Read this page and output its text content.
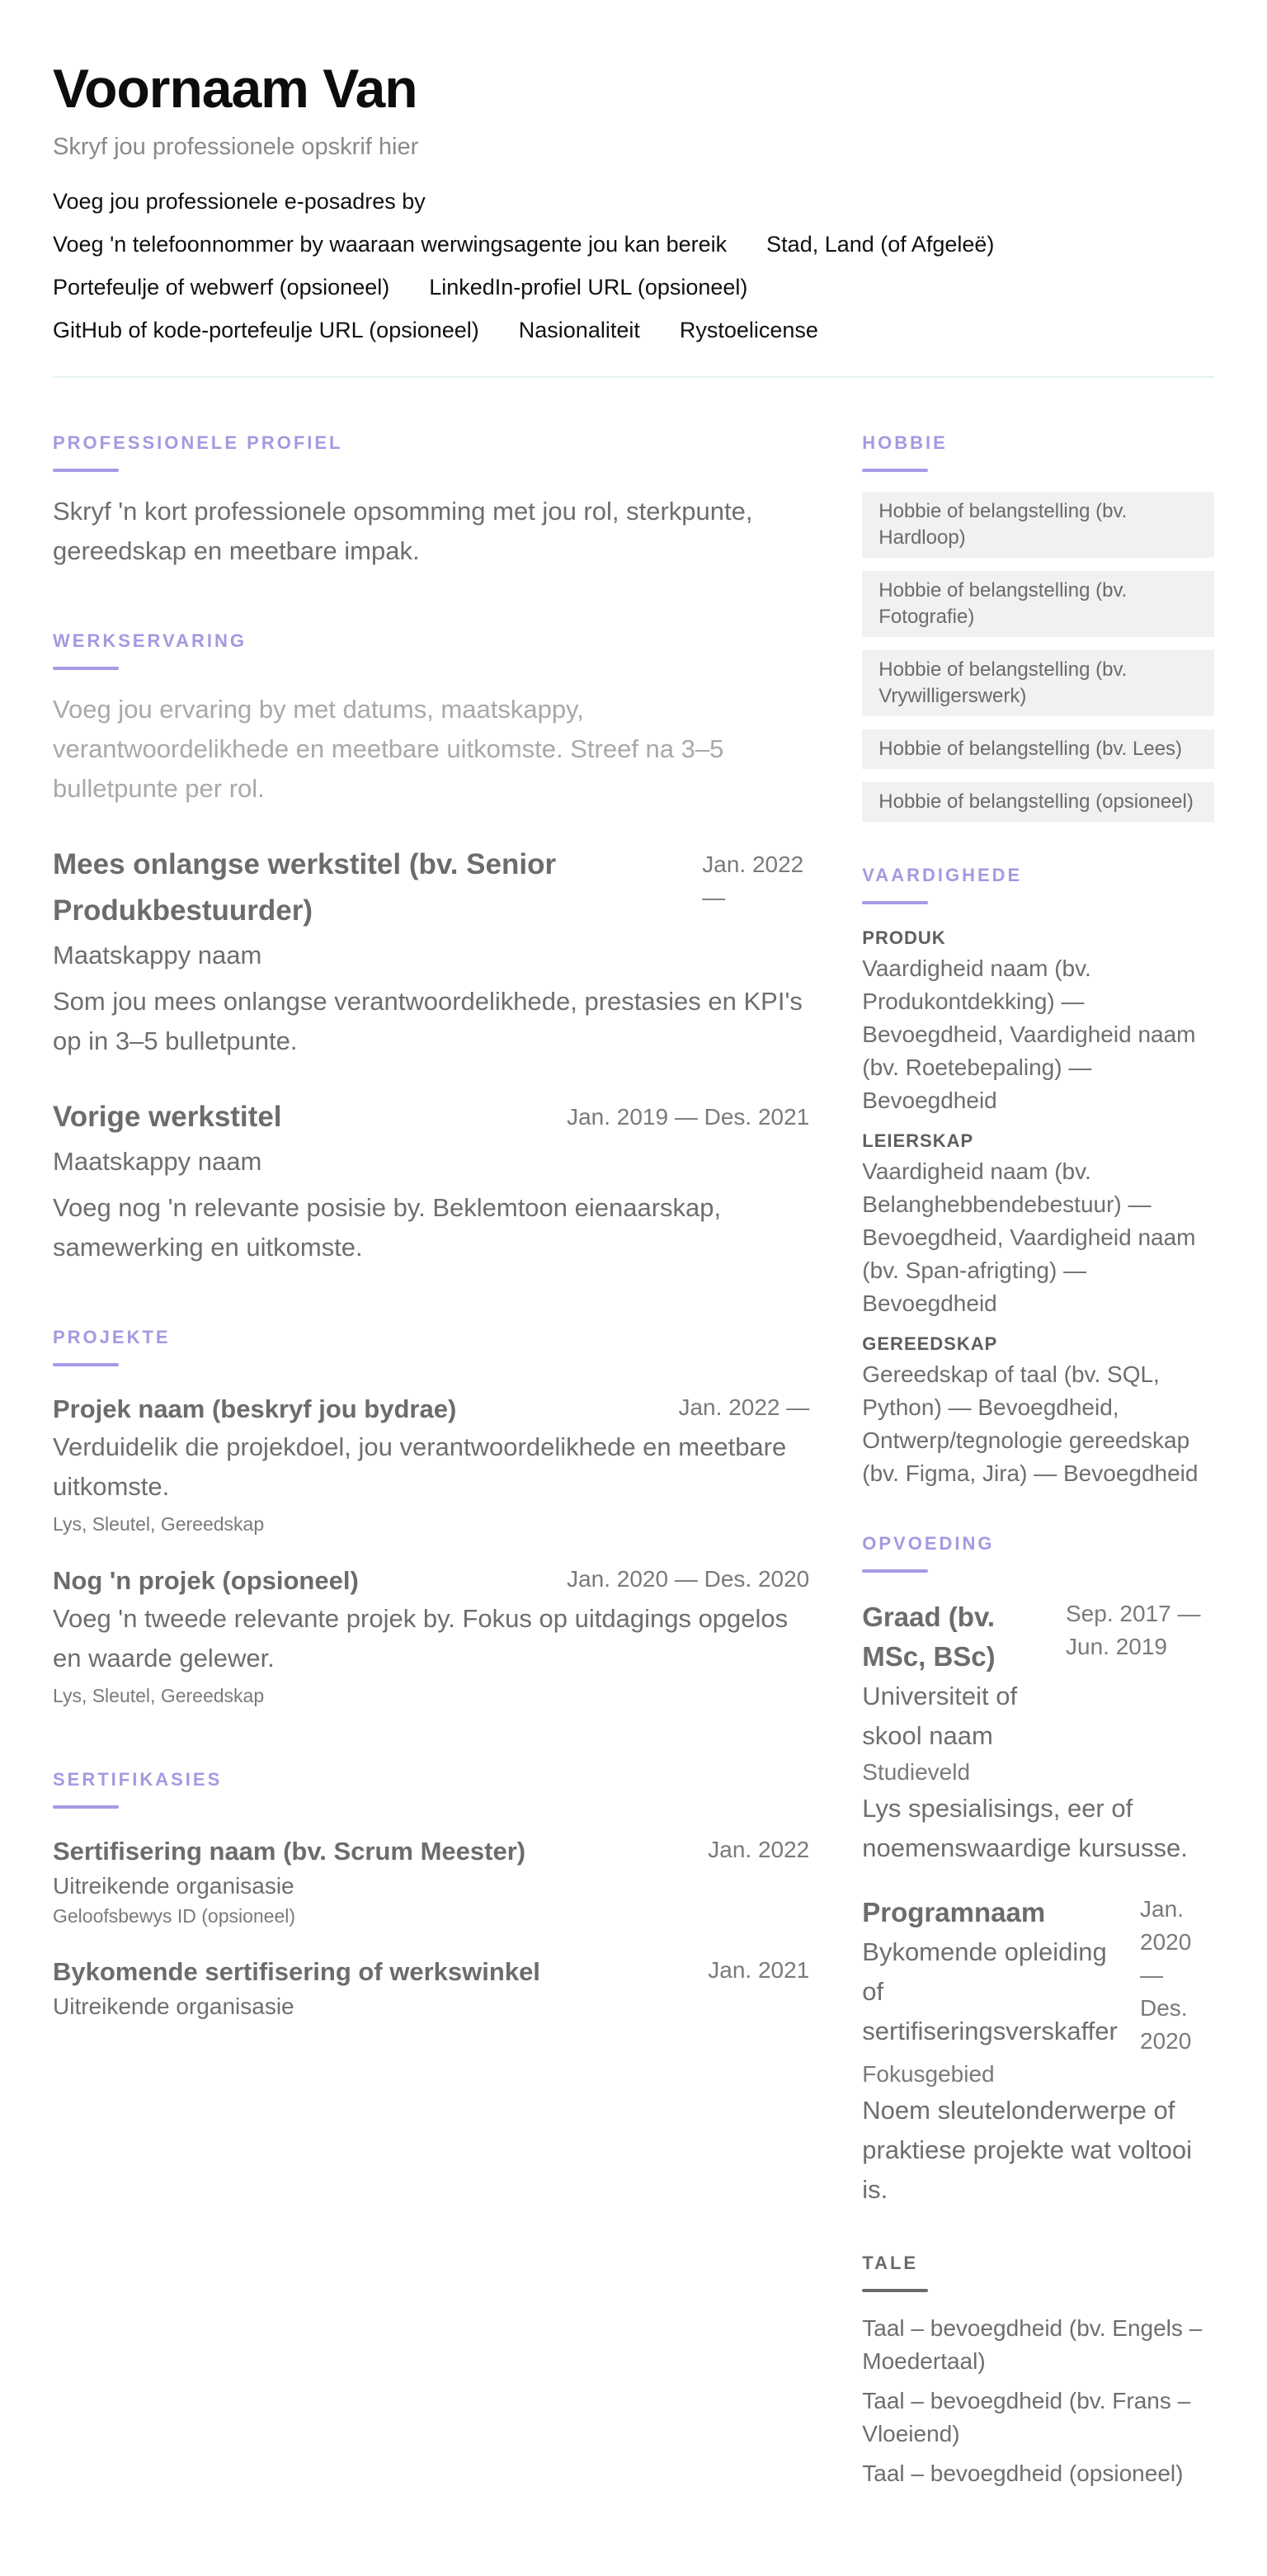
Voornaam Van
Skryf jou professionele opskrif hier
Voeg jou professionele e-posadres by
Voeg 'n telefoonnommer by waaraan werwingsagente jou kan bereik Stad, Land (of Afgeleë)
Portefeulje of webwerf (opsioneel) LinkedIn-profiel URL (opsioneel)
GitHub of kode-portefeulje URL (opsioneel) Nasionaliteit Rystoelicense
PROFESSIONELE PROFIEL
Skryf 'n kort professionele opsomming met jou rol, sterkpunte, gereedskap en meetbare impak.
WERKSERVARING
Voeg jou ervaring by met datums, maatskappy, verantwoordelikhede en meetbare uitkomste. Streef na 3–5 bulletpunte per rol.
Mees onlangse werkstitel (bv. Senior Produkbestuurder)
Jan. 2022 —
Maatskappy naam
Som jou mees onlangse verantwoordelikhede, prestasies en KPI's op in 3–5 bulletpunte.
Vorige werkstitel	Jan. 2019 — Des. 2021
Maatskappy naam
Voeg nog 'n relevante posisie by. Beklemtoon eienaarskap, samewerking en uitkomste.
PROJEKTE
Projek naam (beskryf jou bydrae)	Jan. 2022 —
Verduidelik die projekdoel, jou verantwoordelikhede en meetbare uitkomste.
Lys, Sleutel, Gereedskap
Nog 'n projek (opsioneel)	Jan. 2020 — Des. 2020
Voeg 'n tweede relevante projek by. Fokus op uitdagings opgelos en waarde gelewer.
Lys, Sleutel, Gereedskap
SERTIFIKASIES
Sertifisering naam (bv. Scrum Meester)	Jan. 2022
Uitreikende organisasie
Geloofsbewys ID (opsioneel)
Bykomende sertifisering of werkswinkel	Jan. 2021
Uitreikende organisasie
HOBBIE
Hobbie of belangstelling (bv. Hardloop)
Hobbie of belangstelling (bv. Fotografie)
Hobbie of belangstelling (bv. Vrywilligerswerk)
Hobbie of belangstelling (bv. Lees)
Hobbie of belangstelling (opsioneel)
VAARDIGHEDE
PRODUK
Vaardigheid naam (bv. Produkontdekking) — Bevoegdheid, Vaardigheid naam (bv. Roetebepaling) — Bevoegdheid
LEIERSKAP
Vaardigheid naam (bv. Belanghebbendebestuur) — Bevoegdheid, Vaardigheid naam (bv. Span-afrigting) — Bevoegdheid
GEREEDSKAP
Gereedskap of taal (bv. SQL, Python) — Bevoegdheid, Ontwerp/tegnologie gereedskap (bv. Figma, Jira) — Bevoegdheid
OPVOEDING
Graad (bv. MSc, BSc)
Universiteit of skool naam
Sep. 2017 — Jun. 2019
Studieveld
Lys spesialisings, eer of noemenswaardige kursusse.
Programnaam
Bykomende opleiding of sertifiseringsverskaffer
Jan. 2020 — Des. 2020
Fokusgebied
Noem sleutelonderwerpe of praktiese projekte wat voltooi is.
TALE
Taal – bevoegdheid (bv. Engels – Moedertaal)
Taal – bevoegdheid (bv. Frans – Vloeiend)
Taal – bevoegdheid (opsioneel)
